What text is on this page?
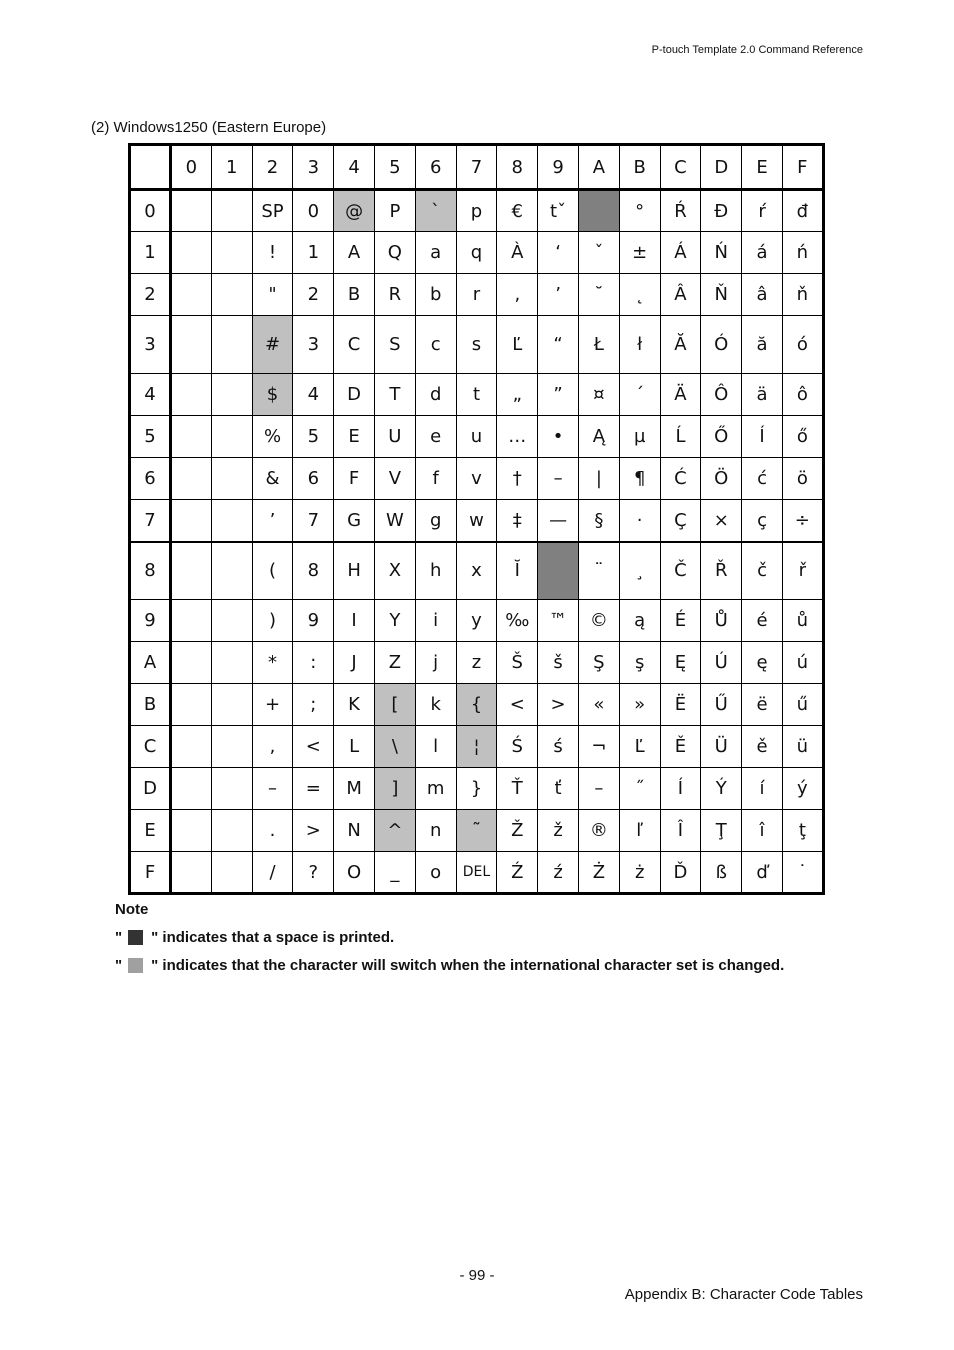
P-touch Template 2.0 Command Reference
(2) Windows1250 (Eastern Europe)
	0	1	2	3	4	5	6	7	8	9	A	B	C	D	E	F
0			SP	0	@	P	`	p	€	tˇ		°	Ŕ	Đ	ŕ	đ
1			!	1	A	Q	a	q	À	‘	ˇ	±	Á	Ń	á	ń
2			"	2	B	R	b	r	‚	’	˘	˛	Â	Ň	â	ň
3			#	3	C	S	c	s	Ľ	“	Ł	ł	Ă	Ó	ă	ó
4			$	4	D	T	d	t	„	”	¤	´	Ä	Ô	ä	ô
5			%	5	E	U	e	u	…	•	Ą	µ	Ĺ	Ő	Í	ő
6			&	6	F	V	f	v	†	–	|	¶	Ć	Ö	ć	ö
7			’	7	G	W	g	w	‡	—	§	·	Ç	×	ç	÷
8			(	8	H	X	h	x	Ĭ		¨	¸	Č	Ř	č	ř
9			)	9	I	Y	i	y	‰	™	©	ą	É	Ů	é	ů
A			*	:	J	Z	j	z	Š	š	Ş	ş	Ę	Ú	ę	ú
B			+	;	K	[	k	{	<	>	«	»	Ë	Ű	ë	ű
C			,	<	L	\	l	¦	Ś	ś	¬	Ľ	Ě	Ü	ě	ü
D			–	=	M	]	m	}	Ť	ť	–	˝	Í	Ý	í	ý
E			.	>	N	^	n	˜	Ž	ž	®	ľ	Î	Ţ	î	ţ
F			/	?	O	_	o	DEL	Ź	ź	Ż	ż	Ď	ß	ď	˙
Note
" " indicates that a space is printed.
" " indicates that the character will switch when the international character set is changed.
- 99 -
Appendix B: Character Code Tables
